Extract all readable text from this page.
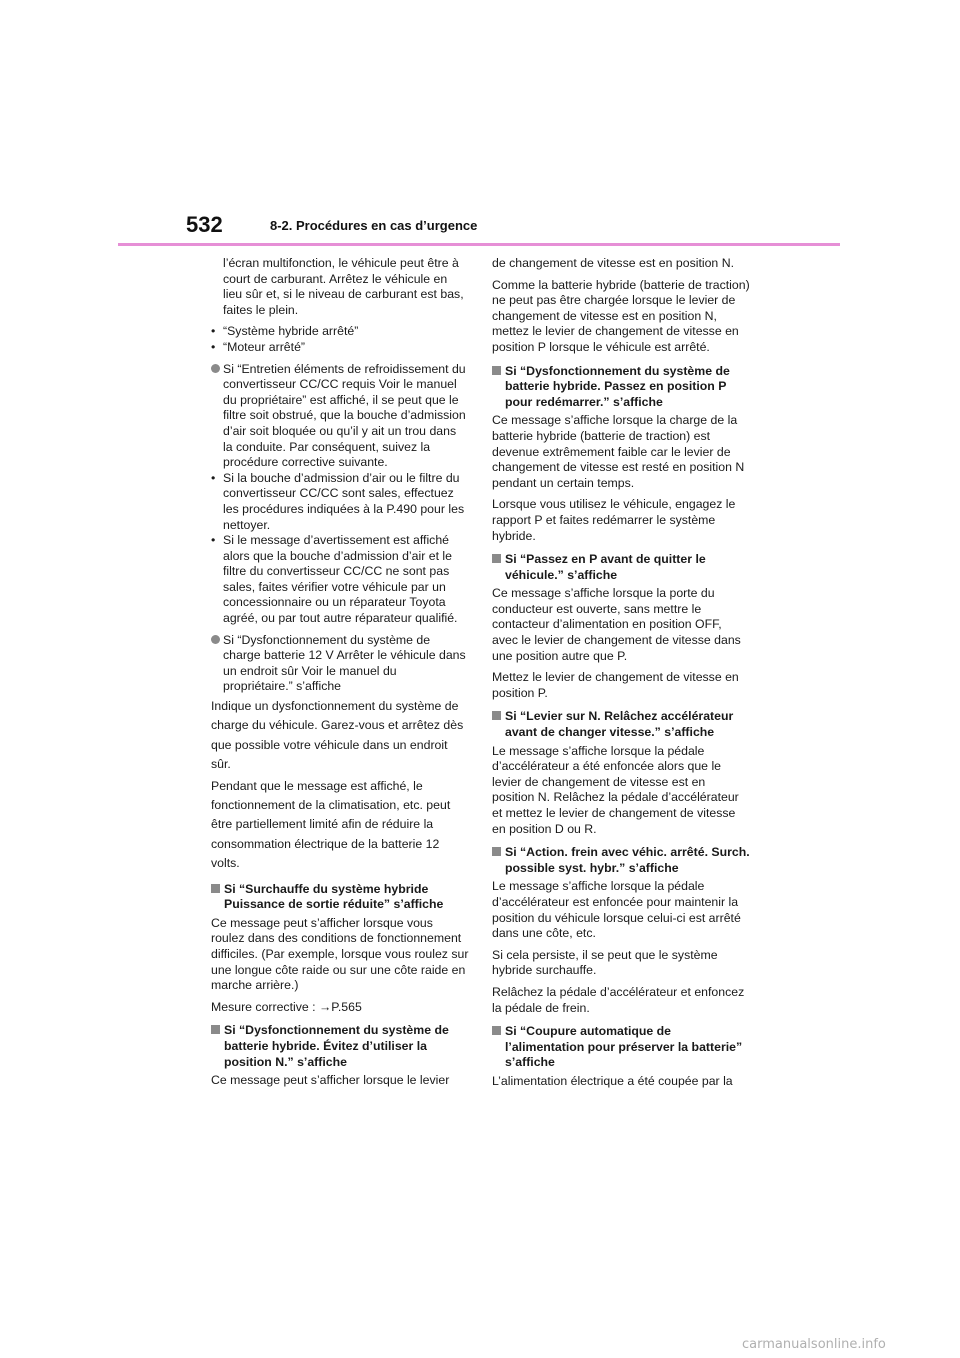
532	8-2. Procédures en cas d’urgence

l’écran multifonction, le véhicule peut être à court de carburant. Arrêtez le véhicule en lieu sûr et, si le niveau de carburant est bas, faites le plein.

• “Système hybride arrêté”
• “Moteur arrêté”
Si “Entretien éléments de refroidissement du convertisseur CC/CC requis Voir le manuel du propriétaire” est affiché, il se peut que le filtre soit obstrué, que la bouche d’admission d’air soit bloquée ou qu’il y ait un trou dans la conduite. Par conséquent, suivez la procédure corrective suivante.
• Si la bouche d’admission d’air ou le filtre du convertisseur CC/CC sont sales, effectuez les procédures indiquées à la P.490 pour les nettoyer.
• Si le message d’avertissement est affiché alors que la bouche d’admission d’air et le filtre du convertisseur CC/CC ne sont pas sales, faites vérifier votre véhicule par un concessionnaire ou un réparateur Toyota agréé, ou par tout autre réparateur qualifié.
Si “Dysfonctionnement du système de charge batterie 12 V Arrêter le véhicule dans un endroit sûr Voir le manuel du propriétaire.” s’affiche

Indique un dysfonctionnement du système de charge du véhicule. Garez-vous et arrêtez dès que possible votre véhicule dans un endroit sûr.

Pendant que le message est affiché, le fonctionnement de la climatisation, etc. peut être partiellement limité afin de réduire la consommation électrique de la batterie 12 volts.

Si “Surchauffe du système hybride Puissance de sortie réduite” s’affiche

Ce message peut s’afficher lorsque vous roulez dans des conditions de fonctionnement difficiles. (Par exemple, lorsque vous roulez sur une longue côte raide ou sur une côte raide en marche arrière.)

Mesure corrective : →P.565

Si “Dysfonctionnement du système de batterie hybride. Évitez d’utiliser la position N.” s’affiche

Ce message peut s’afficher lorsque le levier

de changement de vitesse est en position N.

Comme la batterie hybride (batterie de traction) ne peut pas être chargée lorsque le levier de changement de vitesse est en position N, mettez le levier de changement de vitesse en position P lorsque le véhicule est arrêté.

Si “Dysfonctionnement du système de batterie hybride. Passez en position P pour redémarrer.” s’affiche

Ce message s’affiche lorsque la charge de la batterie hybride (batterie de traction) est devenue extrêmement faible car le levier de changement de vitesse est resté en position N pendant un certain temps.

Lorsque vous utilisez le véhicule, engagez le rapport P et faites redémarrer le système hybride.

Si “Passez en P avant de quitter le véhicule.” s’affiche

Ce message s’affiche lorsque la porte du conducteur est ouverte, sans mettre le contacteur d’alimentation en position OFF, avec le levier de changement de vitesse dans une position autre que P.

Mettez le levier de changement de vitesse en position P.

Si “Levier sur N. Relâchez accélérateur avant de changer vitesse.” s’affiche

Le message s’affiche lorsque la pédale d’accélérateur a été enfoncée alors que le levier de changement de vitesse est en position N. Relâchez la pédale d’accélérateur et mettez le levier de changement de vitesse en position D ou R.

Si “Action. frein avec véhic. arrêté. Surch. possible syst. hybr.” s’affiche

Le message s’affiche lorsque la pédale d’accélérateur est enfoncée pour maintenir la position du véhicule lorsque celui-ci est arrêté dans une côte, etc.

Si cela persiste, il se peut que le système hybride surchauffe.

Relâchez la pédale d’accélérateur et enfoncez la pédale de frein.

Si “Coupure automatique de l’alimentation pour préserver la batterie” s’affiche

L’alimentation électrique a été coupée par la

carmanualsonline.info
